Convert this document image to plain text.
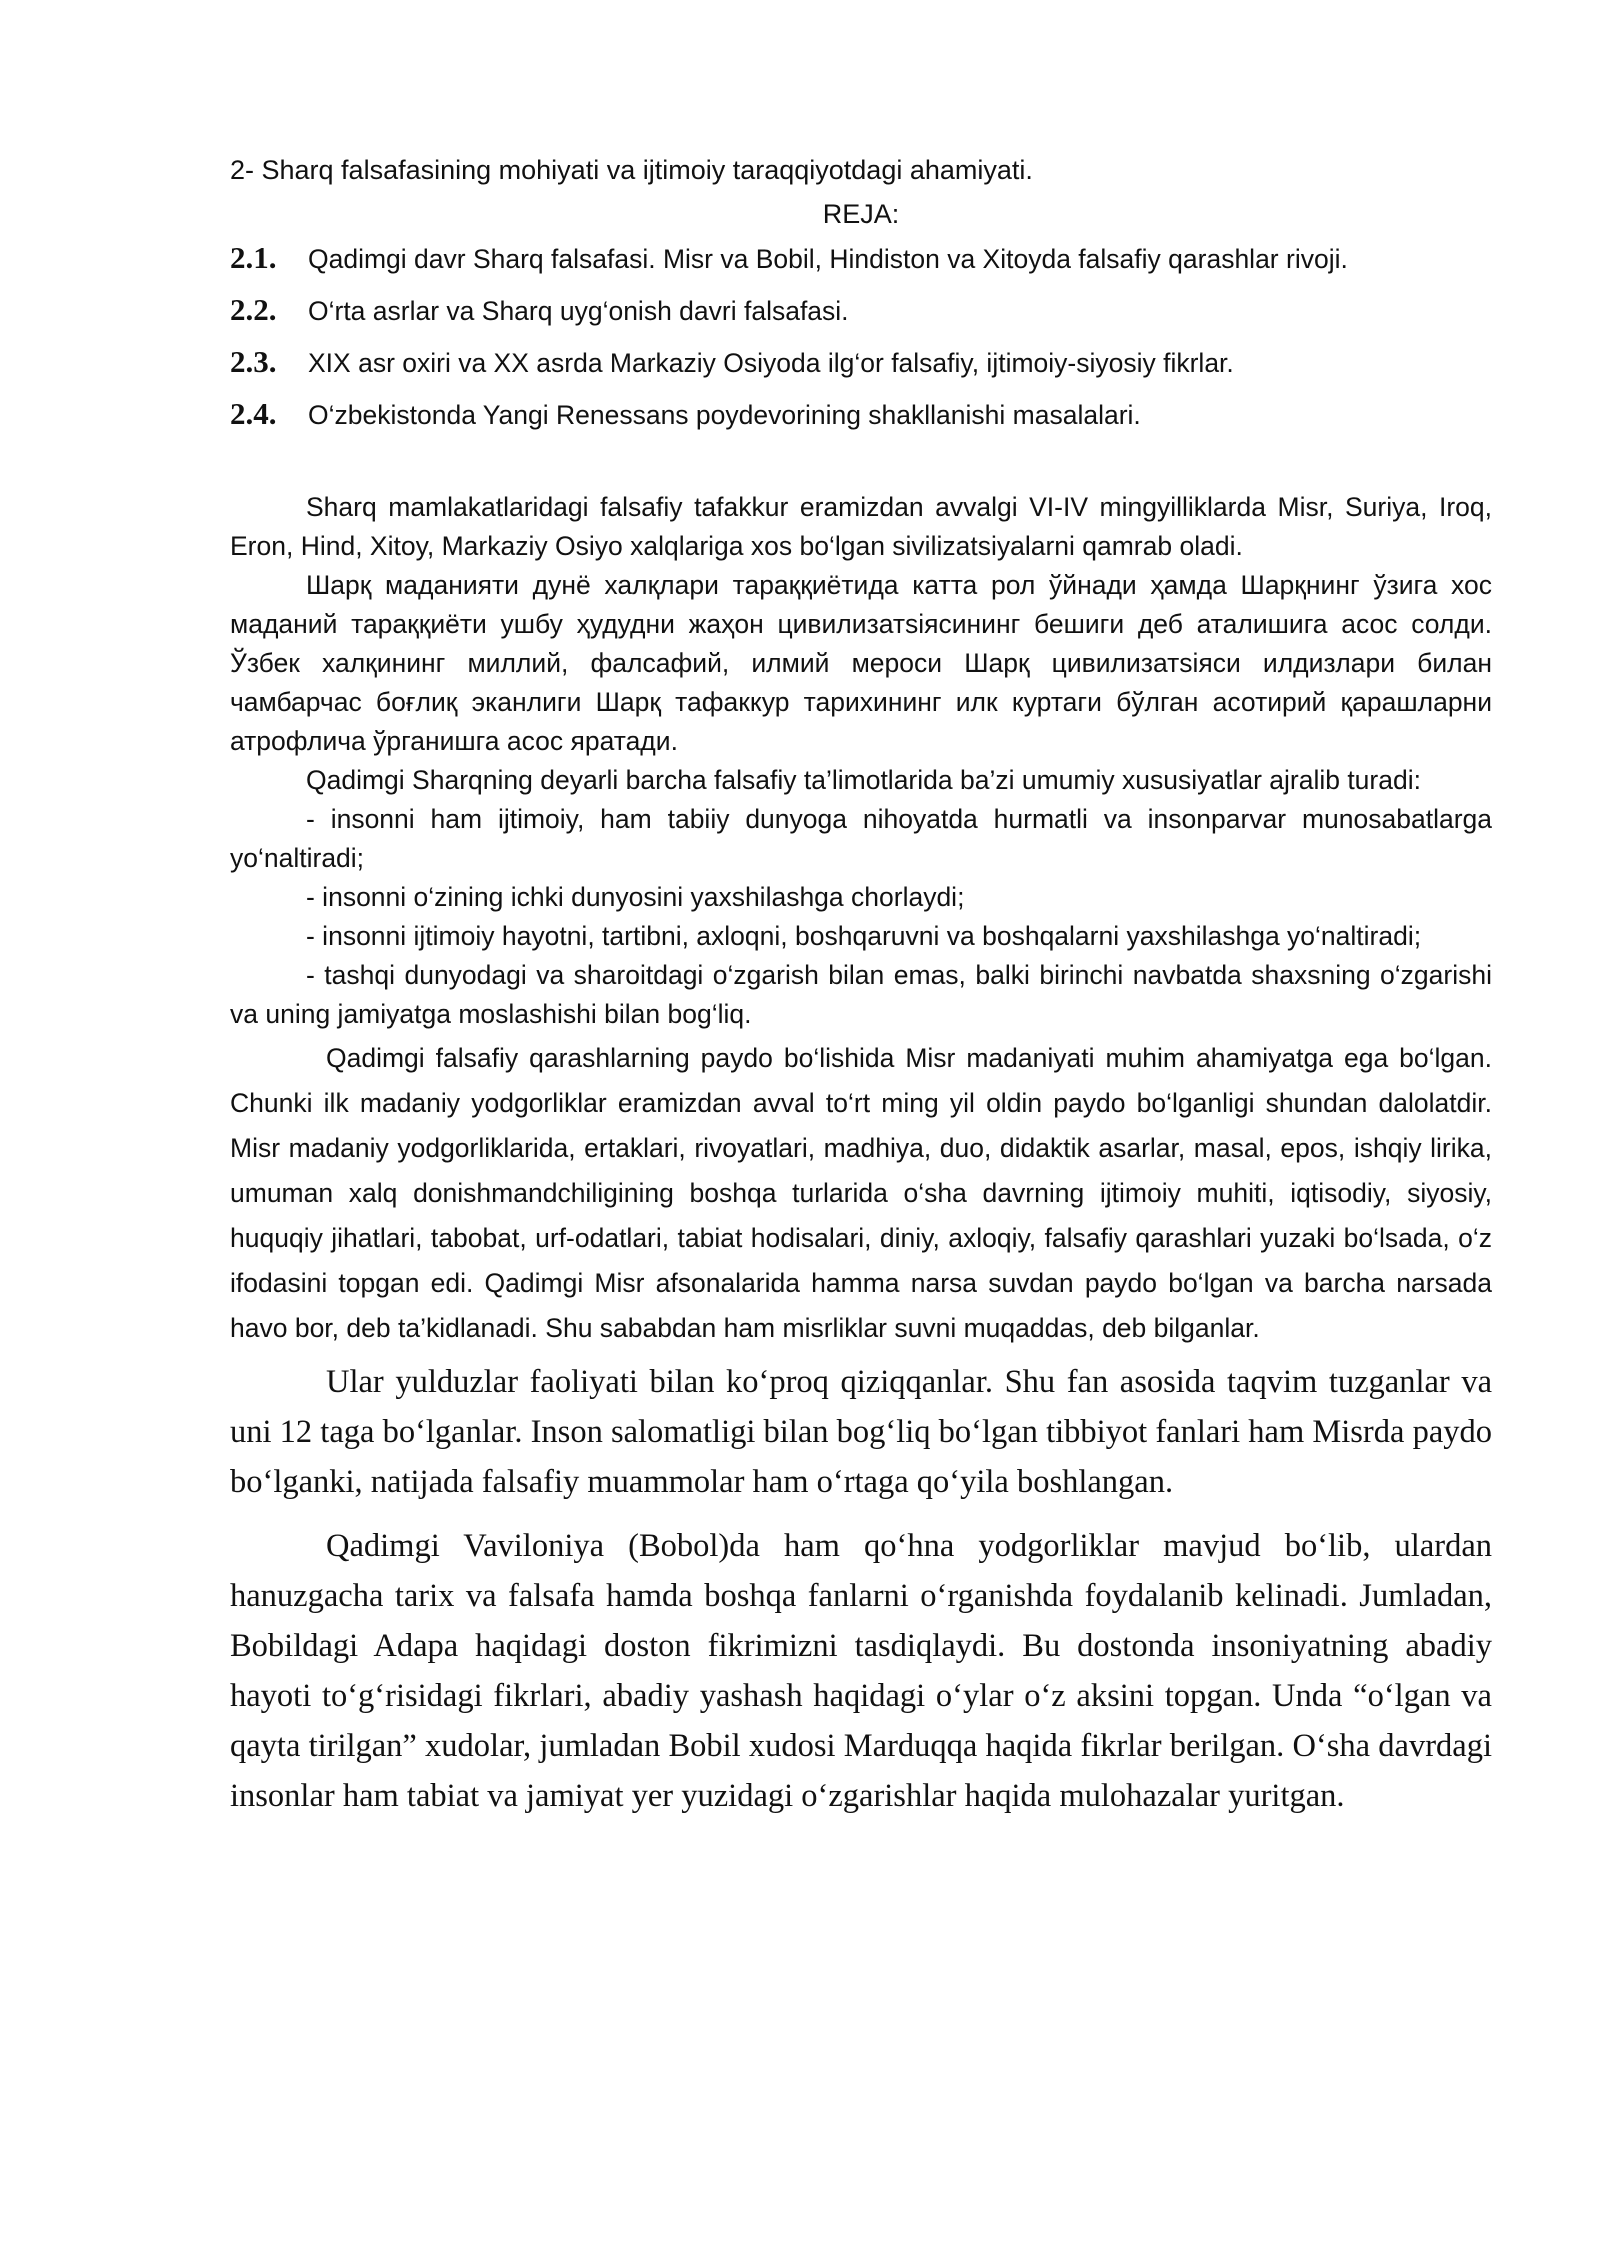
2- Sharq falsafasining mohiyati va ijtimoiy taraqqiyotdagi ahamiyati.

REJA:

2.1.	Qadimgi davr Sharq falsafasi. Misr va Bobil, Hindiston va Xitoyda falsafiy qarashlar rivoji.
2.2.	O‘rta asrlar va Sharq uyg‘onish davri falsafasi.
2.3.	XIX asr oxiri va XX asrda Markaziy Osiyoda ilg‘or falsafiy, ijtimoiy-siyosiy fikrlar.
2.4.	O‘zbekistonda Yangi Renessans poydevorining shakllanishi masalalari.

Sharq mamlakatlaridagi falsafiy tafakkur eramizdan avvalgi VI-IV mingyilliklarda Misr, Suriya, Iroq, Eron, Hind, Xitoy, Markaziy Osiyo xalqlariga xos bo‘lgan sivilizatsiyalarni qamrab oladi.

Шарқ маданияти дунё халқлари тараққиётида катта рол ўйнади ҳамда Шарқнинг ўзига хос маданий тараққиёти ушбу ҳудудни жаҳон цивилизатsiясининг бешиги деб аталишига асос солди. Ўзбек халқининг миллий, фалсафий, илмий мероси Шарқ цивилизатsiяси илдизлари билан чамбарчас боғлиқ эканлиги Шарқ тафаккур тарихининг илк куртаги бўлган асотирий қарашларни атрофлича ўрганишга асос яратади.

Qadimgi Sharqning deyarli barcha falsafiy ta’limotlarida ba’zi umumiy xususiyatlar ajralib turadi:

- insonni ham ijtimoiy, ham tabiiy dunyoga nihoyatda hurmatli va insonparvar munosabatlarga yo‘naltiradi;

- insonni o‘zining ichki dunyosini yaxshilashga chorlaydi;

- insonni ijtimoiy hayotni, tartibni, axloqni, boshqaruvni va boshqalarni yaxshilashga yo‘naltiradi;

- tashqi dunyodagi va sharoitdagi o‘zgarish bilan emas, balki birinchi navbatda shaxsning o‘zgarishi va uning jamiyatga moslashishi bilan bog‘liq.

Qadimgi falsafiy qarashlarning paydo bo‘lishida Misr madaniyati muhim ahamiyatga ega bo‘lgan. Chunki ilk madaniy yodgorliklar eramizdan avval to‘rt ming yil oldin paydo bo‘lganligi shundan dalolatdir. Misr madaniy yodgorliklarida, ertaklari, rivoyatlari, madhiya, duo, didaktik asarlar, masal, epos, ishqiy lirika, umuman xalq donishmandchiligining boshqa turlarida o‘sha davrning ijtimoiy muhiti, iqtisodiy, siyosiy, huquqiy jihatlari, tabobat, urf-odatlari, tabiat hodisalari, diniy, axloqiy, falsafiy qarashlari yuzaki bo‘lsada, o‘z ifodasini topgan edi. Qadimgi Misr afsonalarida hamma narsa suvdan paydo bo‘lgan va barcha narsada havo bor, deb ta’kidlanadi. Shu sababdan ham misrliklar suvni muqaddas, deb bilganlar.

Ular yulduzlar faoliyati bilan ko‘proq qiziqqanlar. Shu fan asosida taqvim tuzganlar va uni 12 taga bo‘lganlar. Inson salomatligi bilan bog‘liq bo‘lgan tibbiyot fanlari ham Misrda paydo bo‘lganki, natijada falsafiy muammolar ham o‘rtaga qo‘yila boshlangan.

Qadimgi Vaviloniya (Bobol)da ham qo‘hna yodgorliklar mavjud bo‘lib, ulardan hanuzgacha tarix va falsafa hamda boshqa fanlarni o‘rganishda foydalanib kelinadi. Jumladan, Bobildagi Adapa haqidagi doston fikrimizni tasdiqlaydi. Bu dostonda insoniyatning abadiy hayoti to‘g‘risidagi fikrlari, abadiy yashash haqidagi o‘ylar o‘z aksini topgan. Unda “o‘lgan va qayta tirilgan” xudolar, jumladan Bobil xudosi Marduqqa haqida fikrlar berilgan. O‘sha davrdagi insonlar ham tabiat va jamiyat yer yuzidagi o‘zgarishlar haqida mulohazalar yuritgan.
